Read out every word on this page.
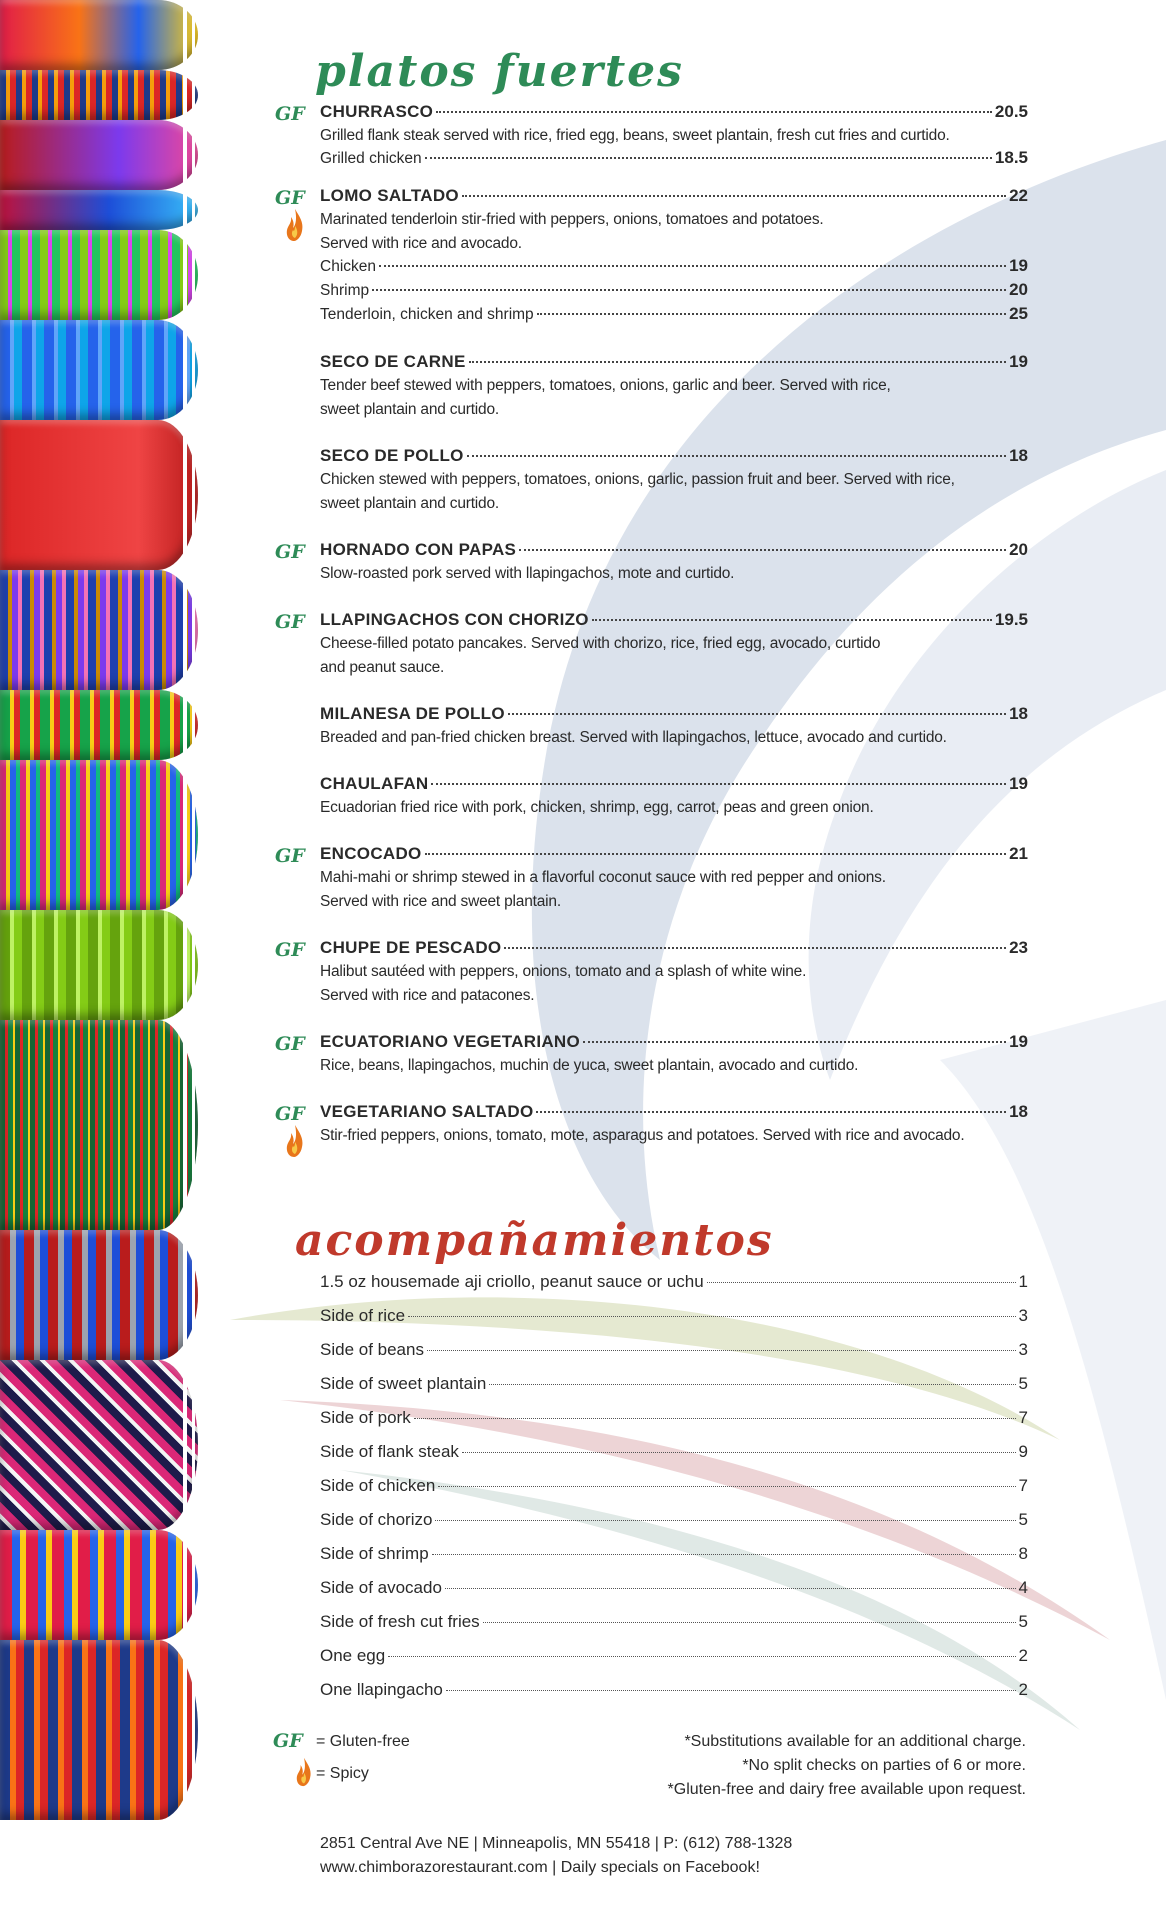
platos fuertes
GF CHURRASCO	20.5
Grilled flank steak served with rice, fried egg, beans, sweet plantain, fresh cut fries and curtido.
Grilled chicken	18.5
GF LOMO SALTADO	22
Marinated tenderloin stir-fried with peppers, onions, tomatoes and potatoes.
Served with rice and avocado.
Chicken	19
Shrimp	20
Tenderloin, chicken and shrimp	25
SECO DE CARNE	19
Tender beef stewed with peppers, tomatoes, onions, garlic and beer. Served with rice,
sweet plantain and curtido.
SECO DE POLLO	18
Chicken stewed with peppers, tomatoes, onions, garlic, passion fruit and beer. Served with rice,
sweet plantain and curtido.
GF HORNADO CON PAPAS	20
Slow-roasted pork served with llapingachos, mote and curtido.
GF LLAPINGACHOS CON CHORIZO	19.5
Cheese-filled potato pancakes. Served with chorizo, rice, fried egg, avocado, curtido
and peanut sauce.
MILANESA DE POLLO	18
Breaded and pan-fried chicken breast. Served with llapingachos, lettuce, avocado and curtido.
CHAULAFAN	19
Ecuadorian fried rice with pork, chicken, shrimp, egg, carrot, peas and green onion.
GF ENCOCADO	21
Mahi-mahi or shrimp stewed in a flavorful coconut sauce with red pepper and onions.
Served with rice and sweet plantain.
GF CHUPE DE PESCADO	23
Halibut sautéed with peppers, onions, tomato and a splash of white wine.
Served with rice and patacones.
GF ECUATORIANO VEGETARIANO	19
Rice, beans, llapingachos, muchin de yuca, sweet plantain, avocado and curtido.
GF VEGETARIANO SALTADO	18
Stir-fried peppers, onions, tomato, mote, asparagus and potatoes. Served with rice and avocado.
acompañamientos
1.5 oz housemade aji criollo, peanut sauce or uchu	1
Side of rice	3
Side of beans	3
Side of sweet plantain	5
Side of pork	7
Side of flank steak	9
Side of chicken	7
Side of chorizo	5
Side of shrimp	8
Side of avocado	4
Side of fresh cut fries	5
One egg	2
One llapingacho	2
GF = Gluten-free
= Spicy
*Substitutions available for an additional charge.
*No split checks on parties of 6 or more.
*Gluten-free and dairy free available upon request.
2851 Central Ave NE | Minneapolis, MN 55418 | P: (612) 788-1328
www.chimborazorestaurant.com | Daily specials on Facebook!
